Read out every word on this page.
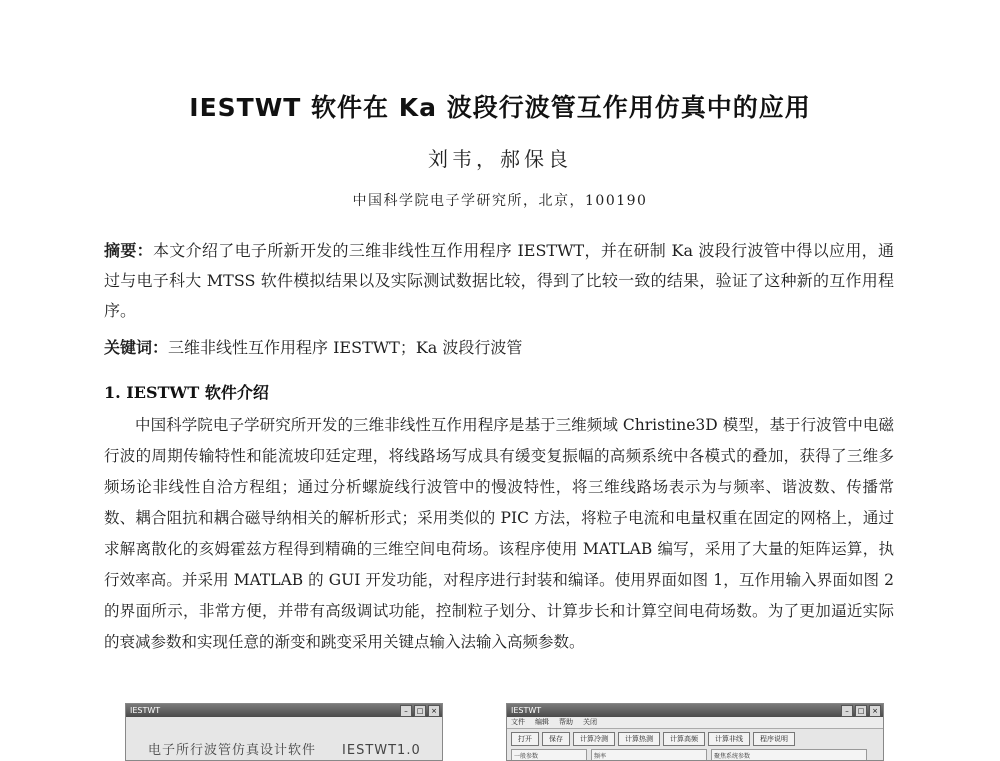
IESTWT 软件在 Ka 波段行波管互作用仿真中的应用
刘韦，郝保良
中国科学院电子学研究所，北京，100190
摘要：本文介绍了电子所新开发的三维非线性互作用程序 IESTWT，并在研制 Ka 波段行波管中得以应用，通过与电子科大 MTSS 软件模拟结果以及实际测试数据比较，得到了比较一致的结果，验证了这种新的互作用程序。
关键词：三维非线性互作用程序 IESTWT；Ka 波段行波管
1. IESTWT 软件介绍
中国科学院电子学研究所开发的三维非线性互作用程序是基于三维频域 Christine3D 模型，基于行波管中电磁行波的周期传输特性和能流坡印廷定理，将线路场写成具有缓变复振幅的高频系统中各模式的叠加，获得了三维多频场论非线性自洽方程组；通过分析螺旋线行波管中的慢波特性，将三维线路场表示为与频率、谐波数、传播常数、耦合阻抗和耦合磁导纳相关的解析形式；采用类似的 PIC 方法，将粒子电流和电量权重在固定的网格上，通过求解离散化的亥姆霍兹方程得到精确的三维空间电荷场。该程序使用 MATLAB 编写，采用了大量的矩阵运算，执行效率高。并采用 MATLAB 的 GUI 开发功能，对程序进行封装和编译。使用界面如图 1，互作用输入界面如图 2 的界面所示，非常方便，并带有高级调试功能，控制粒子划分、计算步长和计算空间电荷场数。为了更加逼近实际的衰减参数和实现任意的渐变和跳变采用关键点输入法输入高频参数。
IESTWT	–	□	×
电子所行波管仿真设计软件 IESTWT1.0
IESTWT	–	□	×
文件 编辑 帮助 关闭
打开	保存	计算冷测	计算热测	计算高频	计算非线	程序说明
一般参数	频率	聚焦系统参数
